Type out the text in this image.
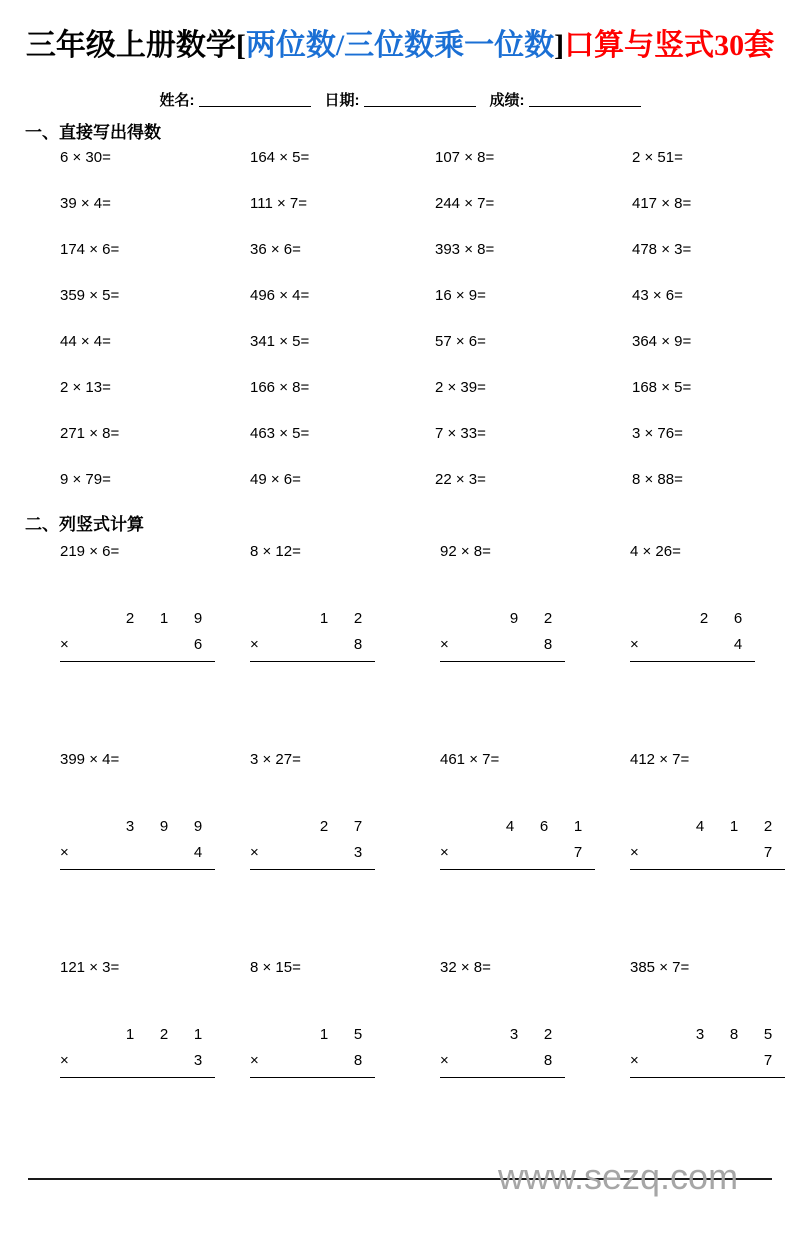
三年级上册数学[两位数/三位数乘一位数]口算与竖式30套
姓名:	日期:	成绩:
一、直接写出得数
6 × 30=	164 × 5=	107 × 8=	2 × 51=
39 × 4=	111 × 7=	244 × 7=	417 × 8=
174 × 6=	36 × 6=	393 × 8=	478 × 3=
359 × 5=	496 × 4=	16 × 9=	43 × 6=
44 × 4=	341 × 5=	57 × 6=	364 × 9=
2 × 13=	166 × 8=	2 × 39=	168 × 5=
271 × 8=	463 × 5=	7 × 33=	3 × 76=
9 × 79=	49 × 6=	22 × 3=	8 × 88=
二、列竖式计算
219 × 6=
2 1 9
×	6
8 × 12=
1 2
×	8
92 × 8=
9 2
×	8
4 × 26=
2 6
×	4
399 × 4=
3 9 9
×	4
3 × 27=
2 7
×	3
461 × 7=
4 6 1
×	7
412 × 7=
4 1 2
×	7
121 × 3=
1 2 1
×	3
8 × 15=
1 5
×	8
32 × 8=
3 2
×	8
385 × 7=
3 8 5
×	7
www.sezq.com
